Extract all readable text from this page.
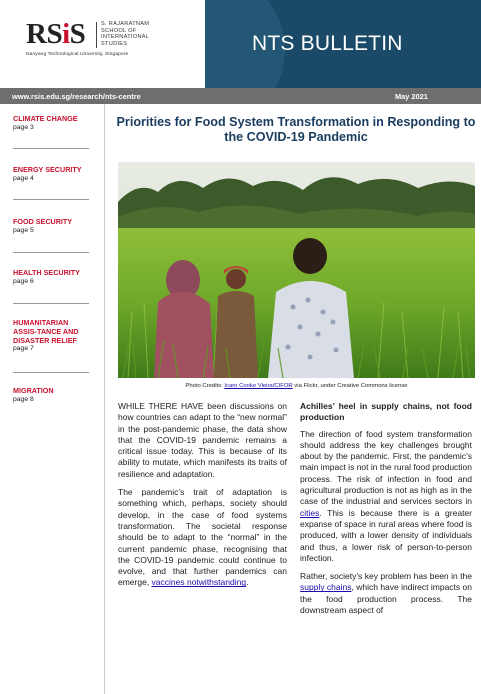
RSiS	S. RAJARATNAM SCHOOL OF INTERNATIONAL STUDIES
Nanyang Technological University, Singapore	NTS BULLETIN
www.rsis.edu.sg/research/nts-centre	May 2021
CLIMATE CHANGE
page 3
ENERGY SECURITY
page 4
FOOD SECURITY
page 5
HEALTH SECURITY
page 6
HUMANITARIAN ASSIS-TANCE AND DISASTER RELIEF
page 7
MIGRATION
page 8
Priorities for Food System Transformation in Responding to the COVID-19 Pandemic
Photo Credits: Icaro Cooke Vieira/CIFOR via Flickr, under Creative Commons license

WHILE THERE HAVE been discussions on how countries can adapt to the “new normal” in the post-pandemic phase, the data show that the COVID-19 pandemic remains a critical issue today. This is because of its ability to mutate, which manifests its traits of resilience and adaptation.

The pandemic’s trait of adaptation is something which, perhaps, society should develop, in the case of food systems transformation. The societal response should be to adapt to the “normal” in the current pandemic phase, recognising that the COVID-19 pandemic could continue to evolve, and that further pandemics can emerge, vaccines notwithstanding.

Achilles’ heel in supply chains, not food production

The direction of food system transformation should address the key challenges brought about by the pandemic. First, the pandemic’s main impact is not in the rural food production process. The risk of infection in food and agricultural production is not as high as in the case of the industrial and services sectors in cities. This is because there is a greater expanse of space in rural areas where food is produced, with a lower density of individuals and thus, a lower risk of person-to-person infection.

Rather, society’s key problem has been in the supply chains, which have indirect impacts on the food production process. The downstream aspect of
